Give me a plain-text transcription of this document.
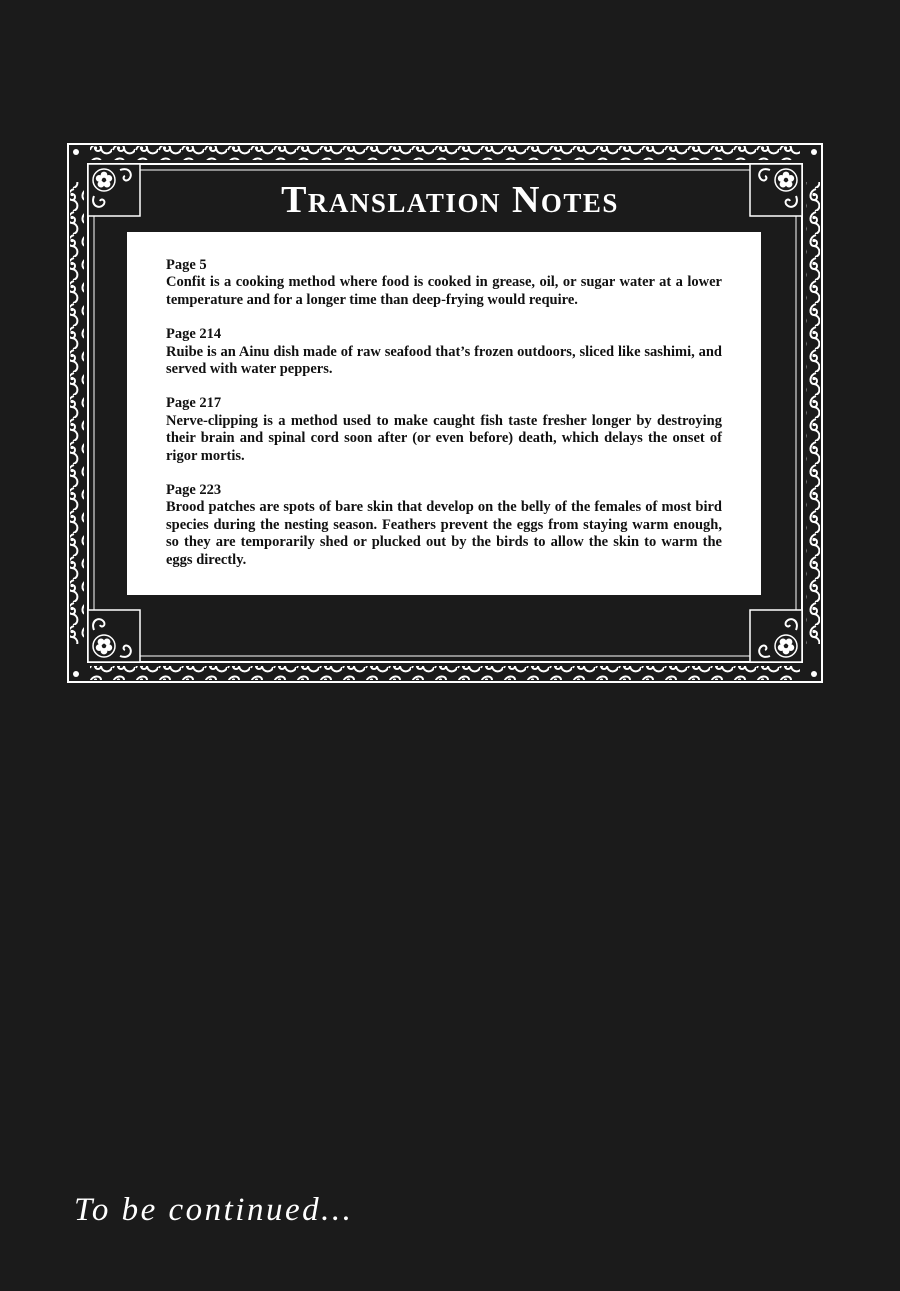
Translation Notes
Page 5
Confit is a cooking method where food is cooked in grease, oil, or sugar water at a lower temperature and for a longer time than deep-frying would require.
Page 214
Ruibe is an Ainu dish made of raw seafood that’s frozen outdoors, sliced like sashimi, and served with water peppers.
Page 217
Nerve-clipping is a method used to make caught fish taste fresher longer by destroying their brain and spinal cord soon after (or even before) death, which delays the onset of rigor mortis.
Page 223
Brood patches are spots of bare skin that develop on the belly of the females of most bird species during the nesting season. Feathers prevent the eggs from staying warm enough, so they are temporarily shed or plucked out by the birds to allow the skin to warm the eggs directly.
To be continued...
